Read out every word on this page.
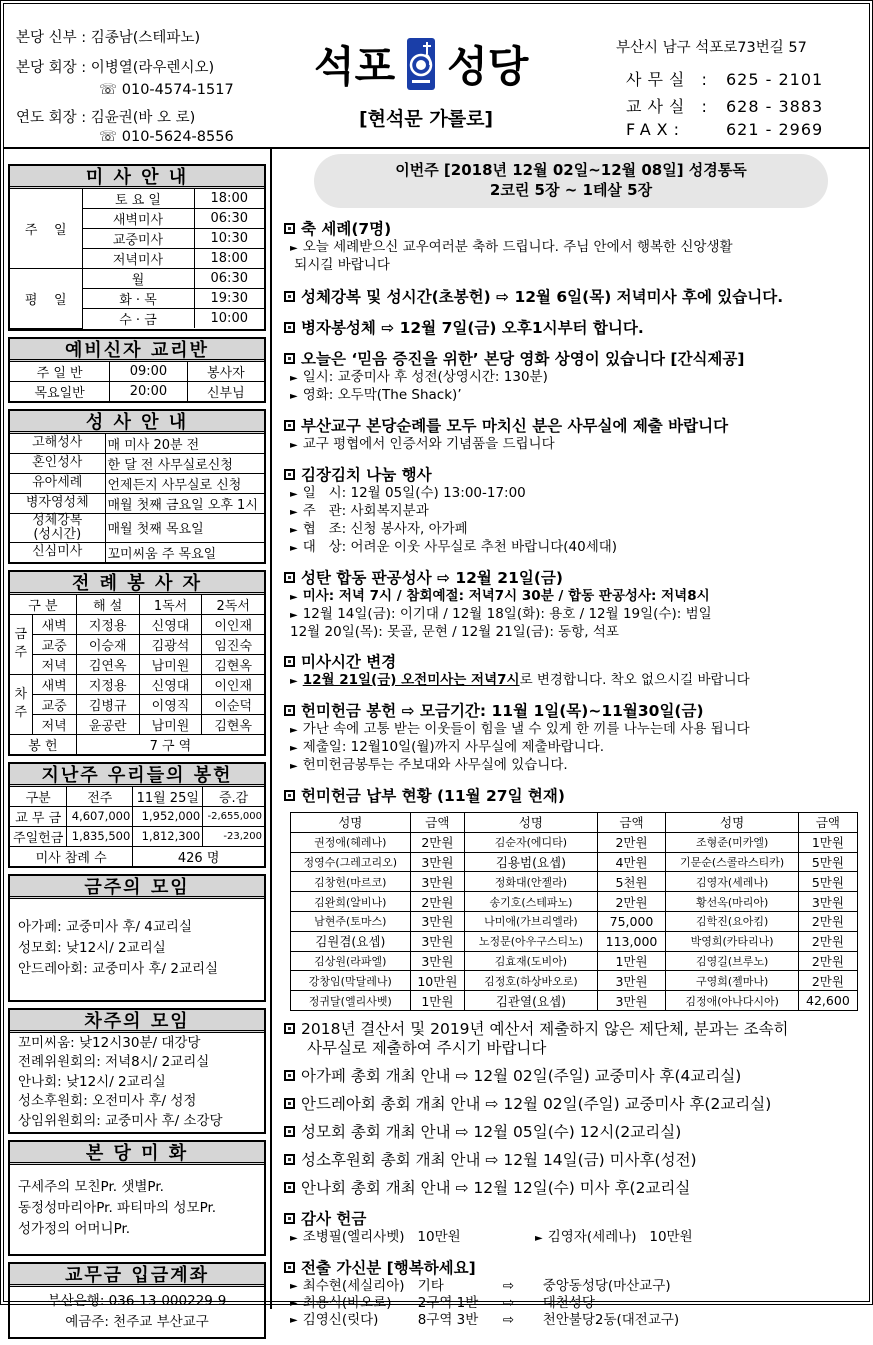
본당 신부 : 김종남(스테파노)
본당 회장 : 이병열(라우렌시오)
☏ 010-4574-1517
연도 회장 : 김윤권(바 오 로)
☏ 010-5624-8556
석포 성당
[현석문 가롤로]
부산시 남구 석포로73번길 57
사무실 : 625 - 2101
교사실 : 628 - 3883
FAX:	621 - 2969
미 사 안 내
주    일	토 요 일	18:00
	새벽미사	06:30
	교중미사	10:30
	저녁미사	18:00
평    일	월	06:30
	화 · 목	19:30
	수 · 금	10:00
예비신자 교리반
주 일 반	09:00	봉사자
목요일반	20:00	신부님
성 사 안 내
고해성사	매 미사 20분 전
혼인성사	한 달 전 사무실로신청
유아세례	언제든지 사무실로 신청
병자영성체	매월 첫째 금요일 오후 1시
성체강복
(성시간)	매월 첫째 목요일
신심미사	꼬미씨움 주 목요일
전 례 봉 사 자
구 분		해 설	1독서	2독서
금
주	새벽	지정용	신영대	이인재
	교중	이승재	김광석	임진숙
	저녁	김연옥	남미원	김현옥
차
주	새벽	지정용	신영대	이인재
	교중	김병규	이영직	이순덕
	저녁	윤공란	남미원	김현옥
봉 헌		7 구 역		
지난주 우리들의 봉헌
구분	전주	11월 25일	증.감
교 무 금	4,607,000	1,952,000	-2,655,000
주일헌금	1,835,500	1,812,300	-23,200
미사 참례 수		426 명	
금주의 모임
아가페: 교중미사 후/ 4교리실
성모회: 낮12시/ 2교리실
안드레아회: 교중미사 후/ 2교리실
차주의 모임
꼬미씨움: 낮12시30분/ 대강당
전례위원회의: 저녁8시/ 2교리실
안나회: 낮12시/ 2교리실
성소후원회: 오전미사 후/ 성정
상임위원회의: 교중미사 후/ 소강당
본 당 미 화
구세주의 모친Pr. 샛별Pr.
동정성마리아Pr. 파티마의 성모Pr.
성가정의 어머니Pr.
교무금 입금계좌
부산은행: 036-13-000229-9
예금주: 천주교 부산교구
이번주 [2018년 12월 02일~12월 08일] 성경통독
2코린 5장 ~ 1테살 5장
축 세례(7명)
► 오늘 세례받으신 교우여러분 축하 드립니다. 주님 안에서 행복한 신앙생활
되시길 바랍니다
성체강복 및 성시간(초봉헌) ⇨ 12월 6일(목) 저녁미사 후에 있습니다.
병자봉성체 ⇨ 12월 7일(금) 오후1시부터 합니다.
오늘은 ‘믿음 증진을 위한’ 본당 영화 상영이 있습니다 [간식제공]
► 일시: 교중미사 후 성전(상영시간: 130분)
► 영화: 오두막(The Shack)’
부산교구 본당순례를 모두 마치신 분은 사무실에 제출 바랍니다
► 교구 평협에서 인증서와 기념품을 드립니다
김장김치 나눔 행사
► 일   시: 12월 05일(수) 13:00-17:00
► 주   관: 사회복지분과
► 협   조: 신청 봉사자, 아가페
► 대   상: 어려운 이웃 사무실로 추천 바랍니다(40세대)
성탄 합동 판공성사 ⇨ 12월 21일(금)
► 미사: 저녁 7시 / 참회예절: 저녁7시 30분 / 합동 판공성사: 저녁8시
► 12월 14일(금): 이기대 / 12월 18일(화): 용호 / 12월 19일(수): 범일
12월 20일(목): 못골, 문현 / 12월 21일(금): 동항, 석포
미사시간 변경
► 12월 21일(금) 오전미사는 저녁7시로 변경합니다. 착오 없으시길 바랍니다
헌미헌금 봉헌 ⇨ 모금기간: 11월 1일(목)~11월30일(금)
► 가난 속에 고통 받는 이웃들이 힘을 낼 수 있게 한 끼를 나누는데 사용 됩니다
► 제출일: 12월10일(월)까지 사무실에 제출바랍니다.
► 헌미헌금봉투는 주보대와 사무실에 있습니다.
헌미헌금 납부 현황 (11월 27일 현재)
성명	금액	성명	금액	성명	금액
권정애(헤레나)	2만원	김순자(에디타)	2만원	조형준(미카엘)	1만원
정영수(그레고리오)	3만원	김용범(요셉)	4만원	기문순(스콜라스티카)	5만원
김창헌(마르코)	3만원	정화대(안젤라)	5천원	김영자(세레나)	5만원
김완희(알비나)	2만원	송기호(스테파노)	2만원	황선옥(마리아)	3만원
남현주(토마스)	3만원	나미애(가브리엘라)	75,000	김학진(요아킴)	2만원
김원겸(요셉)	3만원	노정문(아우구스티노)	113,000	박영희(카타리나)	2만원
김상원(라파엘)	3만원	김효재(도비아)	1만원	김영길(브루노)	2만원
강창임(막달레나)	10만원	김정호(하상바오로)	3만원	구영희(젤마나)	2만원
정귀달(엘리사벳)	1만원	김관열(요셉)	3만원	김정애(아나다시아)	42,600
2018년 결산서 및 2019년 예산서 제출하지 않은 제단체, 분과는 조속히
사무실로 제출하여 주시기 바랍니다
아가페 총회 개최 안내 ⇨ 12월 02일(주일) 교중미사 후(4교리실)
안드레아회 총회 개최 안내 ⇨ 12월 02일(주일) 교중미사 후(2교리실)
성모회 총회 개최 안내 ⇨ 12월 05일(수) 12시(2교리실)
성소후원회 총회 개최 안내 ⇨ 12월 14일(금) 미사후(성전)
안나회 총회 개최 안내 ⇨ 12월 12일(수) 미사 후(2교리실
감사 헌금
► 조병필(엘리사벳)   10만원	► 김영자(세레나)   10만원
전출 가신분 [행복하세요]
► 최수현(세실리아) 기타	⇨	중앙동성당(마산교구)
► 최용식(바오로)	2구역 1반	⇨	대천성당
► 김영신(릿다)	8구역 3반	⇨	천안불당2동(대전교구)
